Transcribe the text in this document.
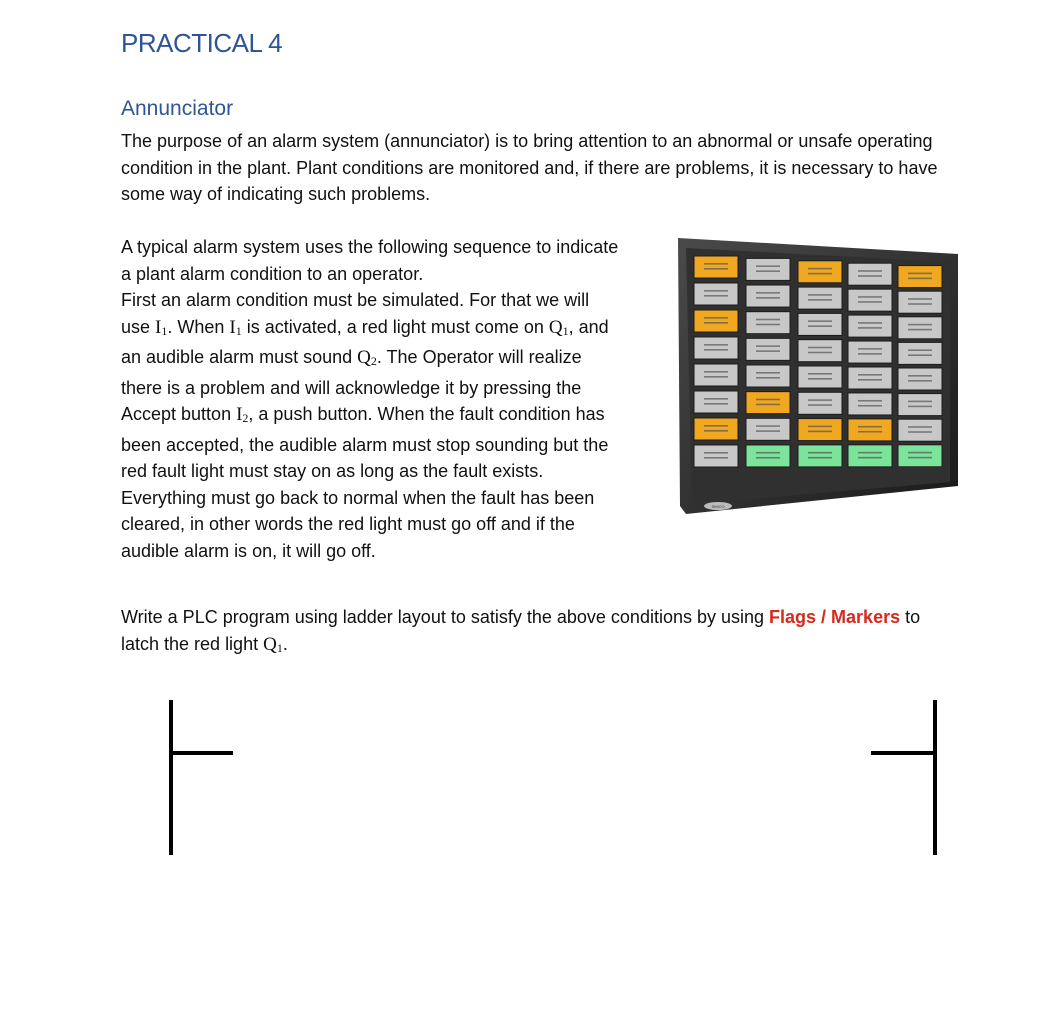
PRACTICAL 4
Annunciator

The purpose of an alarm system (annunciator) is to bring attention to an abnormal or unsafe operating condition in the plant. Plant conditions are monitored and, if there are problems, it is necessary to have some way of indicating such problems.

A typical alarm system uses the following sequence to indicate a plant alarm condition to an operator.
First an alarm condition must be simulated. For that we will use $I_1$. When $I_1$ is activated, a red light must come on $Q_1$, and an audible alarm must sound $Q_2$. The Operator will realize there is a problem and will acknowledge it by pressing the Accept button $I_2$, a push button. When the fault condition has been accepted, the audible alarm must stop sounding but the red fault light must stay on as long as the fault exists. Everything must go back to normal when the fault has been cleared, in other words the red light must go off and if the audible alarm is on, it will go off.

SIMCO

Write a PLC program using ladder layout to satisfy the above conditions by using Flags / Markers to latch the red light $Q_1$.
